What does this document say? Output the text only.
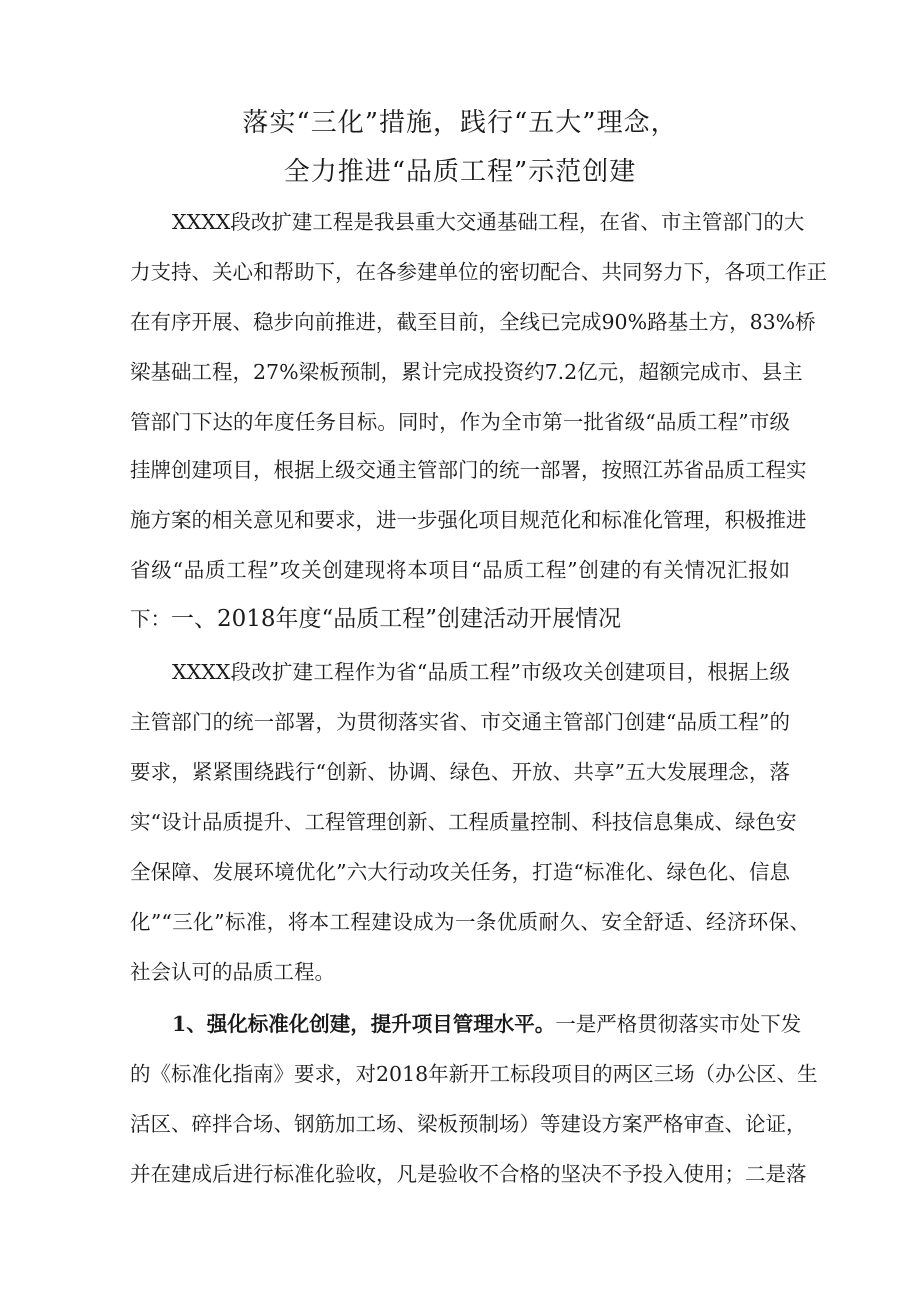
落实“三化”措施，践行“五大”理念，
全力推进“品质工程”示范创建
XXXX段改扩建工程是我县重大交通基础工程，在省、市主管部门的大
力支持、关心和帮助下，在各参建单位的密切配合、共同努力下，各项工作正
在有序开展、稳步向前推进，截至目前，全线已完成90%路基土方，83%桥
梁基础工程，27%梁板预制，累计完成投资约7.2亿元，超额完成市、县主
管部门下达的年度任务目标。同时，作为全市第一批省级“品质工程”市级
挂牌创建项目，根据上级交通主管部门的统一部署，按照江苏省品质工程实
施方案的相关意见和要求，进一步强化项目规范化和标准化管理，积极推进
省级“品质工程”攻关创建现将本项目“品质工程”创建的有关情况汇报如
下：一、2018年度“品质工程”创建活动开展情况
XXXX段改扩建工程作为省“品质工程”市级攻关创建项目，根据上级
主管部门的统一部署，为贯彻落实省、市交通主管部门创建“品质工程”的
要求，紧紧围绕践行“创新、协调、绿色、开放、共享”五大发展理念，落
实“设计品质提升、工程管理创新、工程质量控制、科技信息集成、绿色安
全保障、发展环境优化”六大行动攻关任务，打造“标准化、绿色化、信息
化”“三化”标准，将本工程建设成为一条优质耐久、安全舒适、经济环保、
社会认可的品质工程。
1、强化标准化创建，提升项目管理水平。一是严格贯彻落实市处下发
的《标准化指南》要求，对2018年新开工标段项目的两区三场（办公区、生
活区、碎拌合场、钢筋加工场、梁板预制场）等建设方案严格审查、论证，
并在建成后进行标准化验收，凡是验收不合格的坚决不予投入使用；二是落
